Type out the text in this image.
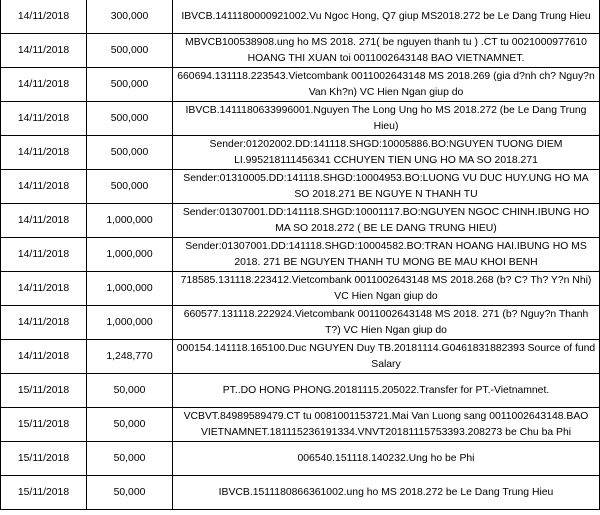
14/11/2018	300,000	IBVCB.1411180000921002.Vu Ngoc Hong, Q7 giup MS2018.272 be Le Dang Trung Hieu
14/11/2018	500,000	MBVCB100538908.ung ho MS 2018. 271( be nguyen thanh tu ) .CT tu 0021000977610 HOANG THI XUAN toi 0011002643148 BAO VIETNAMNET.
14/11/2018	500,000	660694.131118.223543.Vietcombank 0011002643148 MS 2018.269 (gia d?nh ch? Nguy?n Van Kh?n) VC Hien Ngan giup do
14/11/2018	500,000	IBVCB.1411180633996001.Nguyen The Long Ung ho MS 2018.272 (be Le Dang Trung Hieu)
14/11/2018	500,000	Sender:01202002.DD:141118.SHGD:10005886.BO:NGUYEN TUONG DIEM LI.995218111456341 CCHUYEN TIEN UNG HO MA SO 2018.271
14/11/2018	500,000	Sender:01310005.DD:141118.SHGD:10004953.BO:LUONG VU DUC HUY.UNG HO MA SO 2018.271 BE NGUYE N THANH TU
14/11/2018	1,000,000	Sender:01307001.DD:141118.SHGD:10001117.BO:NGUYEN NGOC CHINH.IBUNG HO MA SO 2018.272 ( BE LE DANG TRUNG HIEU)
14/11/2018	1,000,000	Sender:01307001.DD:141118.SHGD:10004582.BO:TRAN HOANG HAI.IBUNG HO MS 2018. 271 BE NGUYEN THANH TU MONG BE MAU KHOI BENH
14/11/2018	1,000,000	718585.131118.223412.Vietcombank 0011002643148 MS 2018.268 (b? C? Th? Y?n Nhi) VC Hien Ngan giup do
14/11/2018	1,000,000	660577.131118.222924.Vietcombank 0011002643148 MS 2018. 271 (b? Nguy?n Thanh T?) VC Hien Ngan giup do
14/11/2018	1,248,770	000154.141118.165100.Duc NGUYEN Duy TB.20181114.G0461831882393 Source of fund Salary
15/11/2018	50,000	PT..DO HONG PHONG.20181115.205022.Transfer for PT.-Vietnamnet.
15/11/2018	50,000	VCBVT.84989589479.CT tu 0081001153721.Mai Van Luong sang 0011002643148.BAO VIETNAMNET.181115236191334.VNVT20181115753393.208273 be Chu ba Phi
15/11/2018	50,000	006540.151118.140232.Ung ho be Phi
15/11/2018	50,000	IBVCB.1511180866361002.ung ho MS 2018.272 be Le Dang Trung Hieu
